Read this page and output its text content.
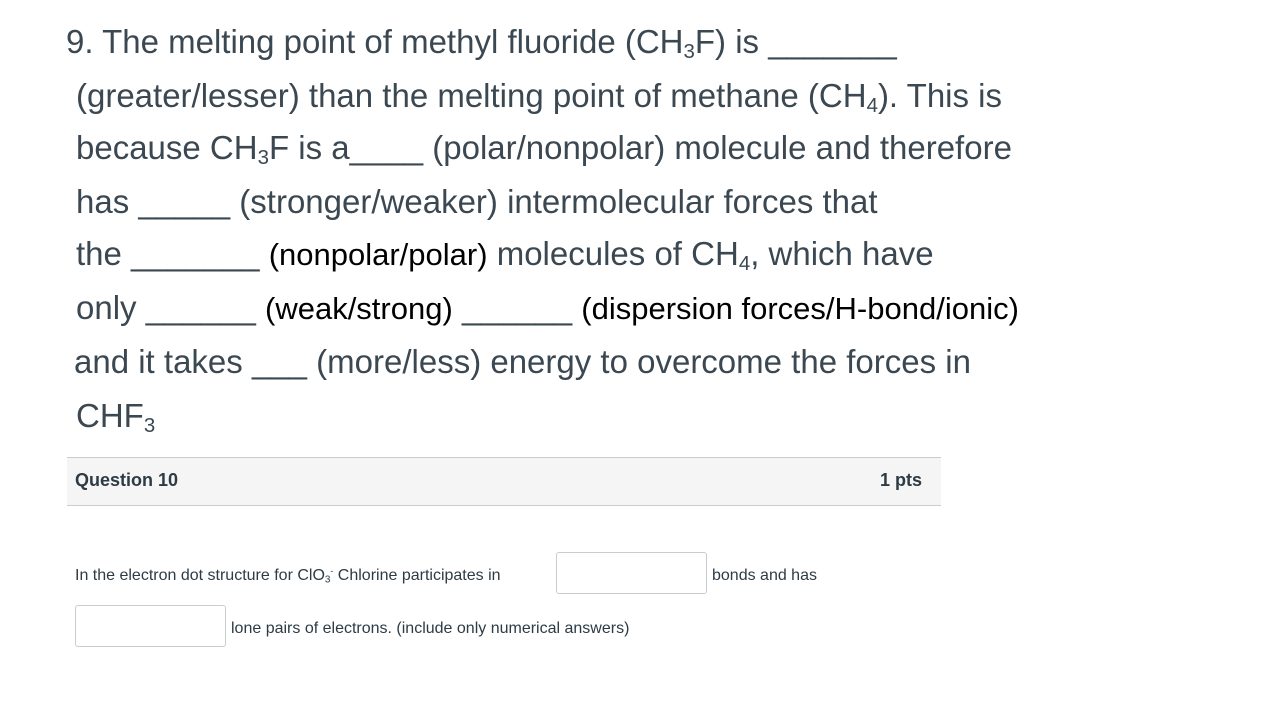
9. The melting point of methyl fluoride $(CH_3F)$ is _______
(greater/lesser) than the melting point of methane $(CH_4)$. This is
because $CH_3F$ is a____ (polar/nonpolar) molecule and therefore
has _____ (stronger/weaker) intermolecular forces that
the _______ (nonpolar/polar) molecules of $CH_4$, which have
only ______ (weak/strong) ______ (dispersion forces/H-bond/ionic)
and it takes ___ (more/less) energy to overcome the forces in
$CHF_3$
Question 10	1 pts
In the electron dot structure for ClO$_3$- Chlorine participates in	bonds and has
lone pairs of electrons. (include only numerical answers)
